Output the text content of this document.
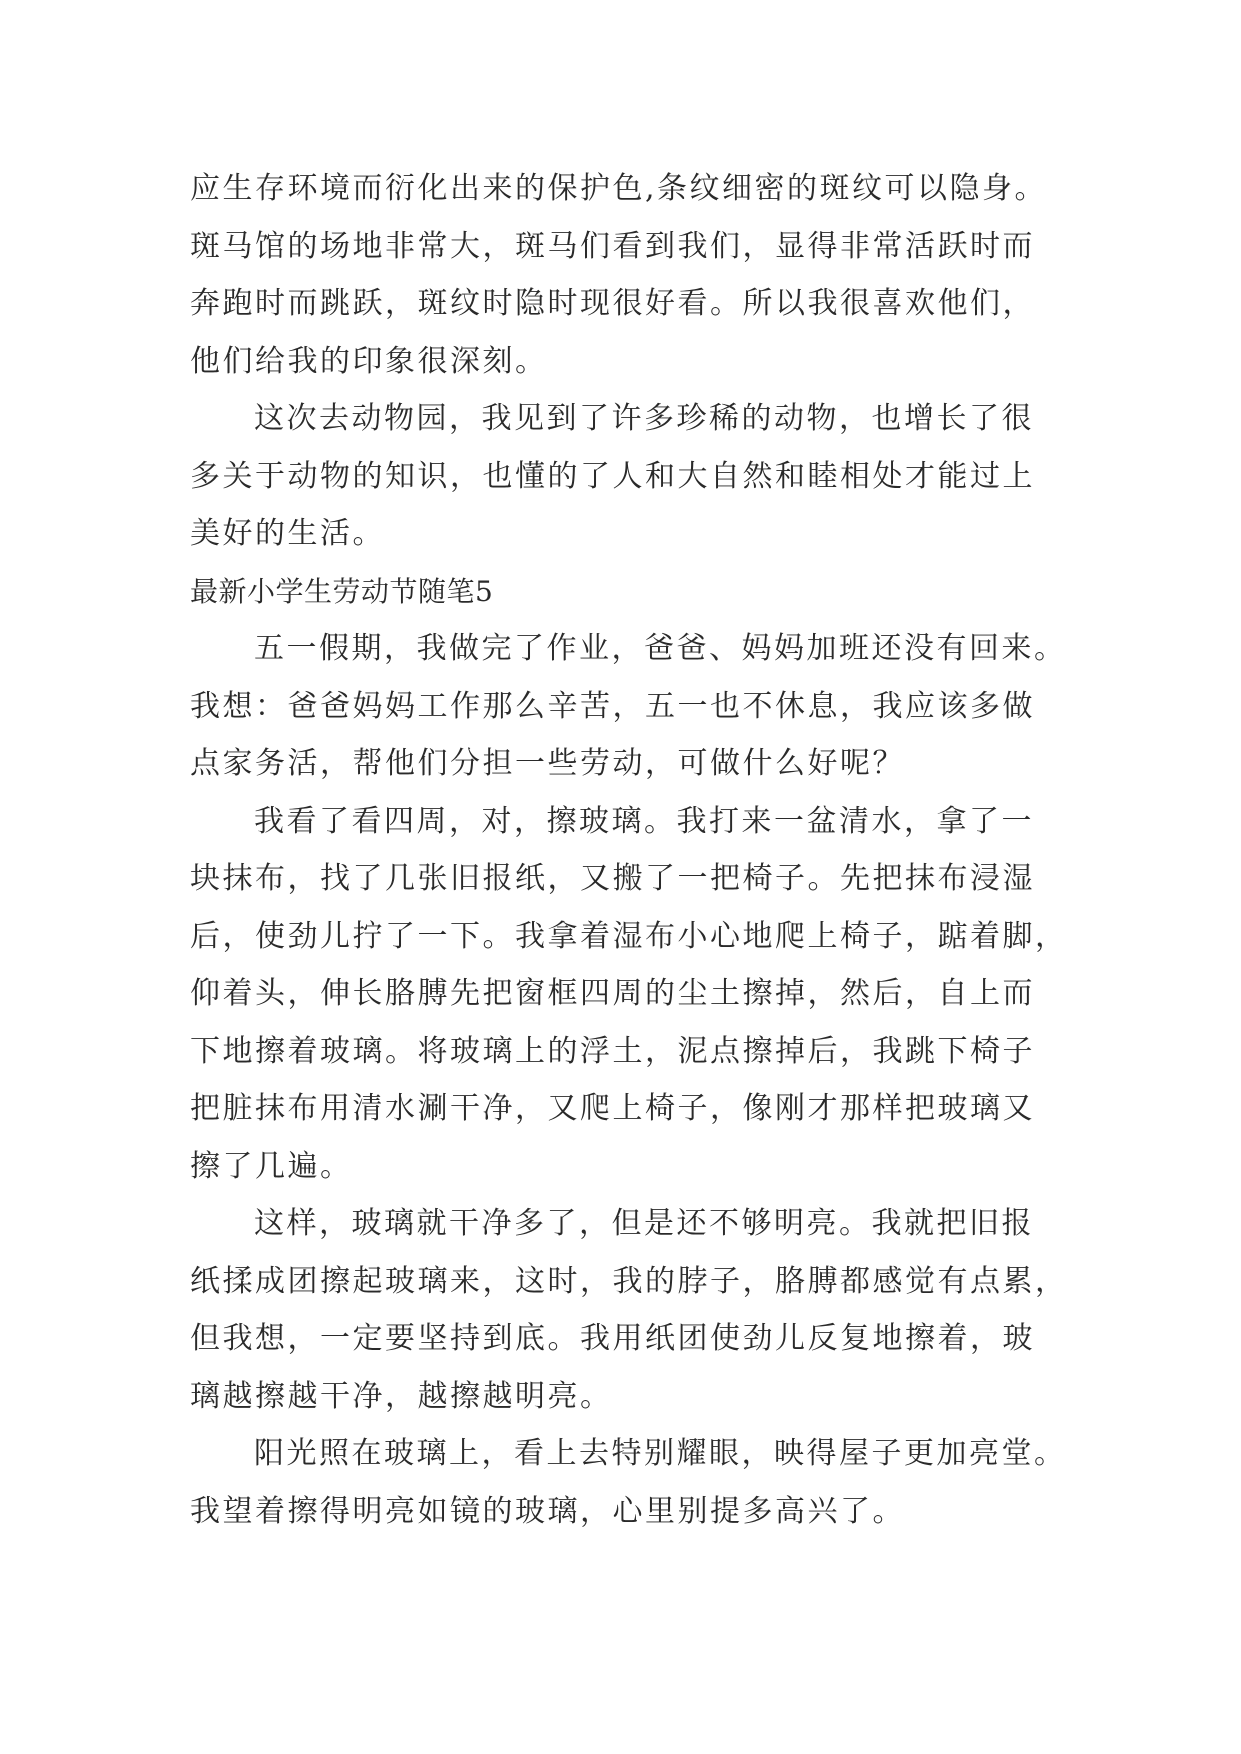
应生存环境而衍化出来的保护色,条纹细密的斑纹可以隐身。
斑马馆的场地非常大，斑马们看到我们，显得非常活跃时而
奔跑时而跳跃，斑纹时隐时现很好看。所以我很喜欢他们，
他们给我的印象很深刻。
这次去动物园，我见到了许多珍稀的动物，也增长了很
多关于动物的知识，也懂的了人和大自然和睦相处才能过上
美好的生活。
最新小学生劳动节随笔5
五一假期，我做完了作业，爸爸、妈妈加班还没有回来。
我想：爸爸妈妈工作那么辛苦，五一也不休息，我应该多做
点家务活，帮他们分担一些劳动，可做什么好呢？
我看了看四周，对，擦玻璃。我打来一盆清水，拿了一
块抹布，找了几张旧报纸，又搬了一把椅子。先把抹布浸湿
后，使劲儿拧了一下。我拿着湿布小心地爬上椅子，踮着脚，
仰着头，伸长胳膊先把窗框四周的尘土擦掉，然后，自上而
下地擦着玻璃。将玻璃上的浮土，泥点擦掉后，我跳下椅子
把脏抹布用清水涮干净，又爬上椅子，像刚才那样把玻璃又
擦了几遍。
这样，玻璃就干净多了，但是还不够明亮。我就把旧报
纸揉成团擦起玻璃来，这时，我的脖子，胳膊都感觉有点累，
但我想，一定要坚持到底。我用纸团使劲儿反复地擦着，玻
璃越擦越干净，越擦越明亮。
阳光照在玻璃上，看上去特别耀眼，映得屋子更加亮堂。
我望着擦得明亮如镜的玻璃，心里别提多高兴了。
